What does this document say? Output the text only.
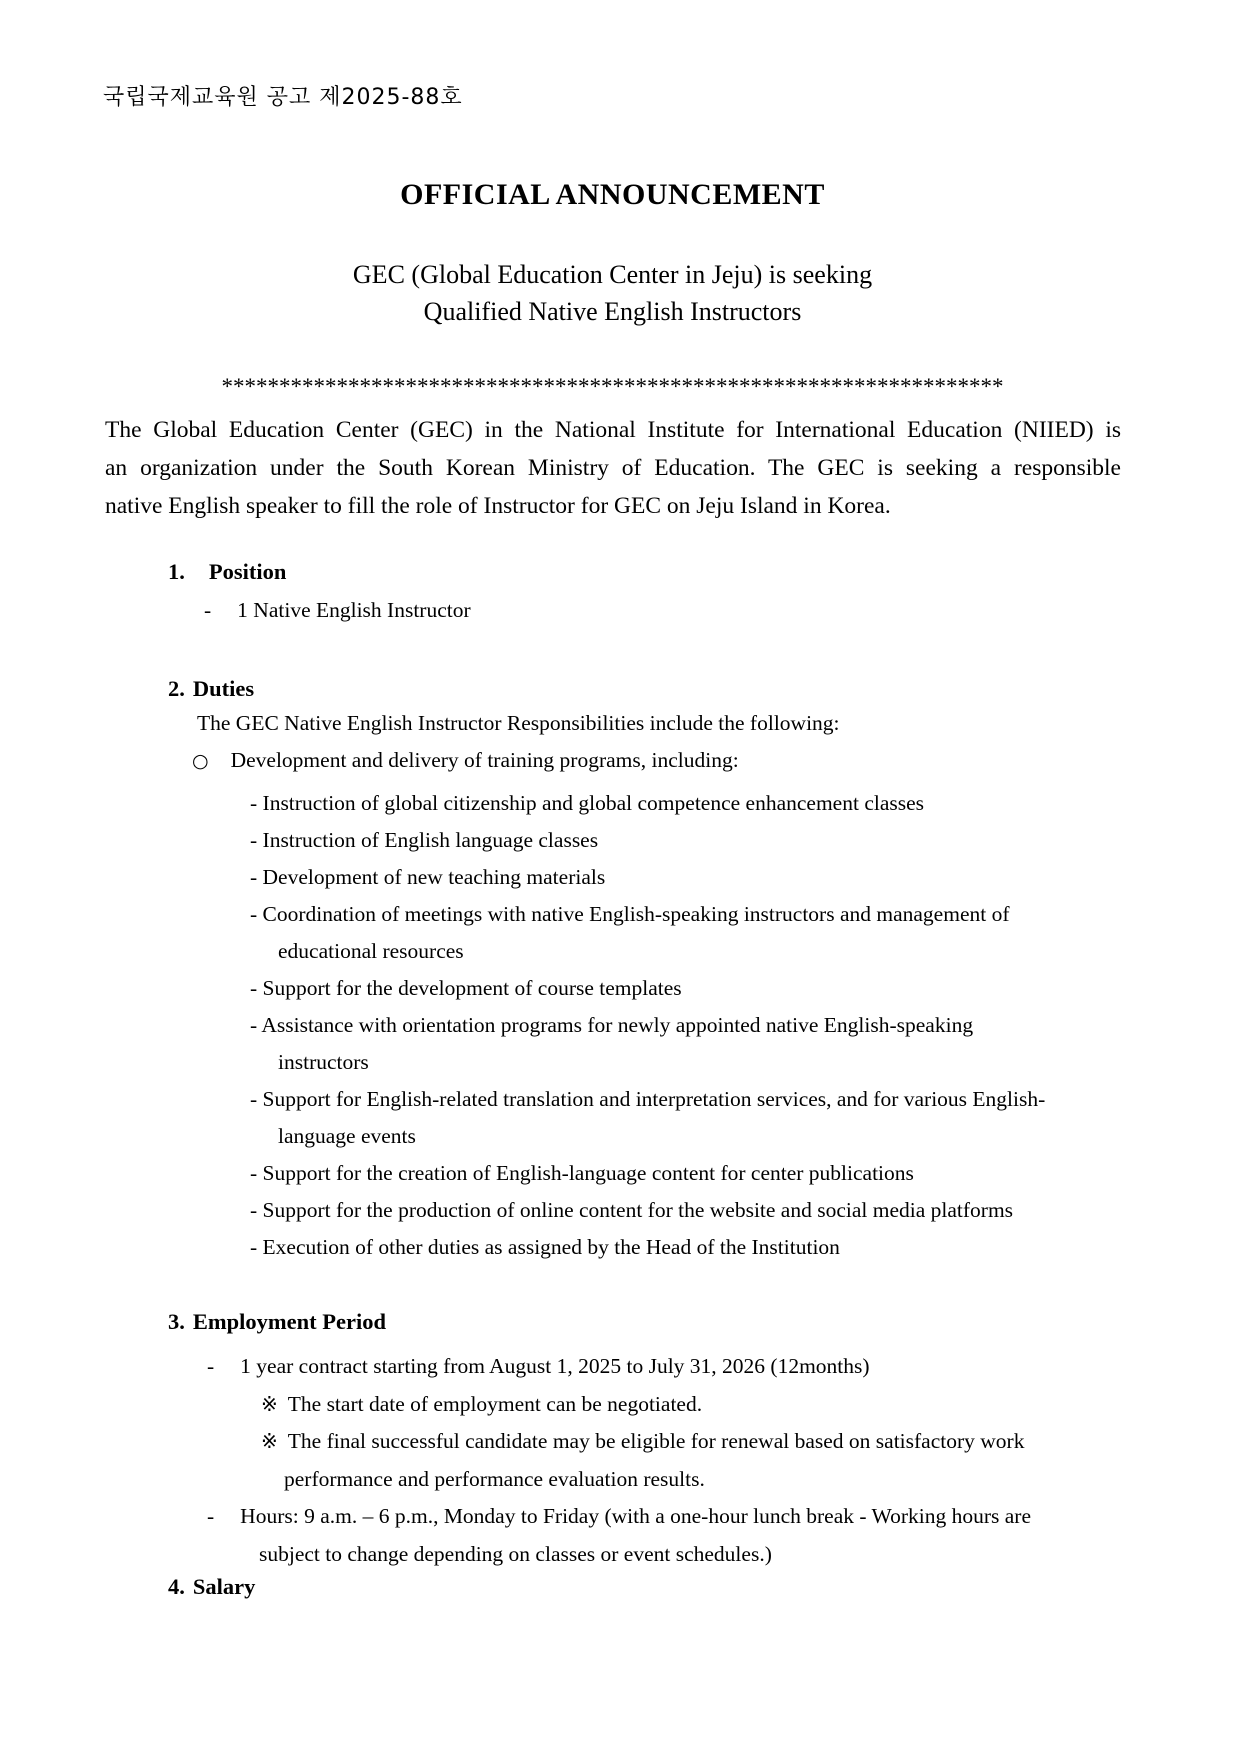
국립국제교육원 공고 제2025-88호
OFFICIAL ANNOUNCEMENT
GEC (Global Education Center in Jeju) is seeking
Qualified Native English Instructors
********************************************************************
The Global Education Center (GEC) in the National Institute for International Education (NIIED) is
an organization under the South Korean Ministry of Education. The GEC is seeking a responsible
native English speaker to fill the role of Instructor for GEC on Jeju Island in Korea.
1. Position
- 1 Native English Instructor
2. Duties
The GEC Native English Instructor Responsibilities include the following:
○ Development and delivery of training programs, including:
- Instruction of global citizenship and global competence enhancement classes
- Instruction of English language classes
- Development of new teaching materials
- Coordination of meetings with native English-speaking instructors and management of
educational resources
- Support for the development of course templates
- Assistance with orientation programs for newly appointed native English-speaking
instructors
- Support for English-related translation and interpretation services, and for various English-
language events
- Support for the creation of English-language content for center publications
- Support for the production of online content for the website and social media platforms
- Execution of other duties as assigned by the Head of the Institution
3. Employment Period
- 1 year contract starting from August 1, 2025 to July 31, 2026 (12months)
※ The start date of employment can be negotiated.
※ The final successful candidate may be eligible for renewal based on satisfactory work
performance and performance evaluation results.
- Hours: 9 a.m. – 6 p.m., Monday to Friday (with a one-hour lunch break - Working hours are
subject to change depending on classes or event schedules.)
4. Salary
